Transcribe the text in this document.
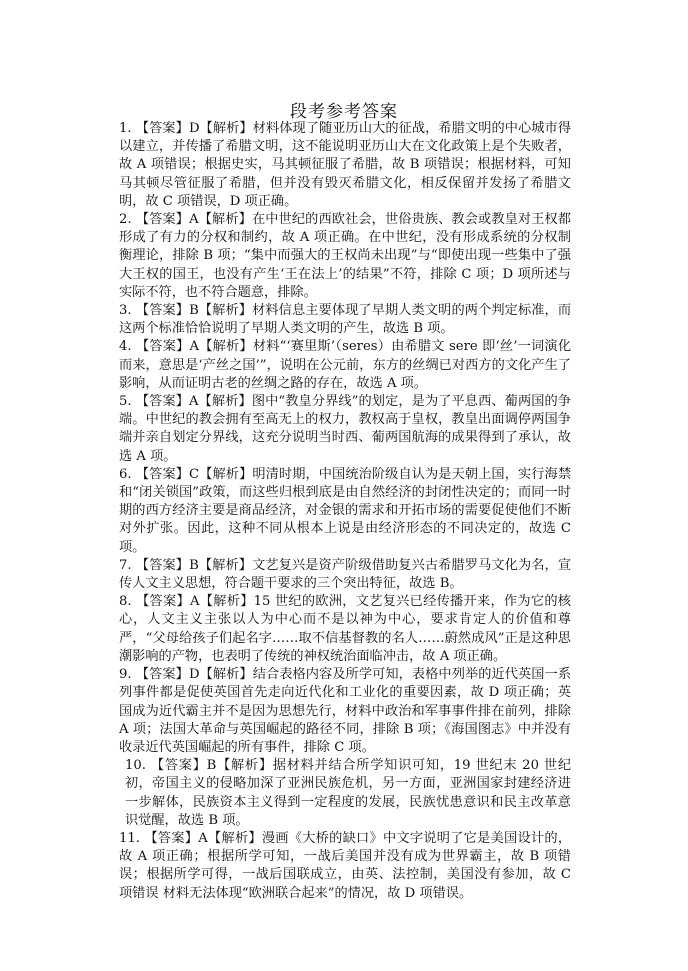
段考参考答案

1. 【答案】D【解析】材料体现了随亚历山大的征战，希腊文明的中心城市得以建立，并传播了希腊文明，这不能说明亚历山大在文化政策上是个失败者，故 A 项错误；根据史实，马其顿征服了希腊，故 B 项错误；根据材料，可知马其顿尽管征服了希腊，但并没有毁灭希腊文化，相反保留并发扬了希腊文明，故 C 项错误，D 项正确。

2. 【答案】A【解析】在中世纪的西欧社会，世俗贵族、教会或教皇对王权都形成了有力的分权和制约，故 A 项正确。在中世纪，没有形成系统的分权制衡理论，排除 B 项；“集中而强大的王权尚未出现”与“即使出现一些集中了强大王权的国王，也没有产生‘王在法上’的结果”不符，排除 C 项；D 项所述与实际不符，也不符合题意，排除。

3. 【答案】B【解析】材料信息主要体现了早期人类文明的两个判定标准，而这两个标准恰恰说明了早期人类文明的产生，故选 B 项。

4. 【答案】A【解析】材料“‘赛里斯’（seres）由希腊文 sere 即‘丝’一词演化而来，意思是‘产丝之国’”，说明在公元前，东方的丝绸已对西方的文化产生了影响，从而证明古老的丝绸之路的存在，故选 A 项。

5. 【答案】A【解析】图中“教皇分界线”的划定，是为了平息西、葡两国的争端。中世纪的教会拥有至高无上的权力，教权高于皇权，教皇出面调停两国争端并亲自划定分界线，这充分说明当时西、葡两国航海的成果得到了承认，故选 A 项。

6. 【答案】C【解析】明清时期，中国统治阶级自认为是天朝上国，实行海禁和“闭关锁国”政策，而这些归根到底是由自然经济的封闭性决定的；而同一时期的西方经济主要是商品经济，对金银的需求和开拓市场的需要促使他们不断对外扩张。因此，这种不同从根本上说是由经济形态的不同决定的，故选 C 项。

7. 【答案】B【解析】文艺复兴是资产阶级借助复兴古希腊罗马文化为名，宣传人文主义思想，符合题干要求的三个突出特征，故选 B。

8. 【答案】A【解析】15 世纪的欧洲，文艺复兴已经传播开来，作为它的核心，人文主义主张以人为中心而不是以神为中心，要求肯定人的价值和尊严，“父母给孩子们起名字……取不信基督教的名人……蔚然成风”正是这种思潮影响的产物，也表明了传统的神权统治面临冲击，故 A 项正确。

9. 【答案】D【解析】结合表格内容及所学可知，表格中列举的近代英国一系列事件都是促使英国首先走向近代化和工业化的重要因素，故 D 项正确；英国成为近代霸主并不是因为思想先行，材料中政治和军事事件排在前列，排除 A 项；法国大革命与英国崛起的路径不同，排除 B 项；《海国图志》中并没有收录近代英国崛起的所有事件，排除 C 项。

10. 【答案】B【解析】据材料并结合所学知识可知，19 世纪末 20 世纪初，帝国主义的侵略加深了亚洲民族危机，另一方面，亚洲国家封建经济进一步解体，民族资本主义得到一定程度的发展，民族忧患意识和民主改革意识觉醒，故选 B 项。

11. 【答案】A【解析】漫画《大桥的缺口》中文字说明了它是美国设计的，故 A 项正确；根据所学可知，一战后美国并没有成为世界霸主，故 B 项错误；根据所学可得，一战后国联成立，由英、法控制，美国没有参加，故 C 项错误 材料无法体现“欧洲联合起来”的情况，故 D 项错误。
